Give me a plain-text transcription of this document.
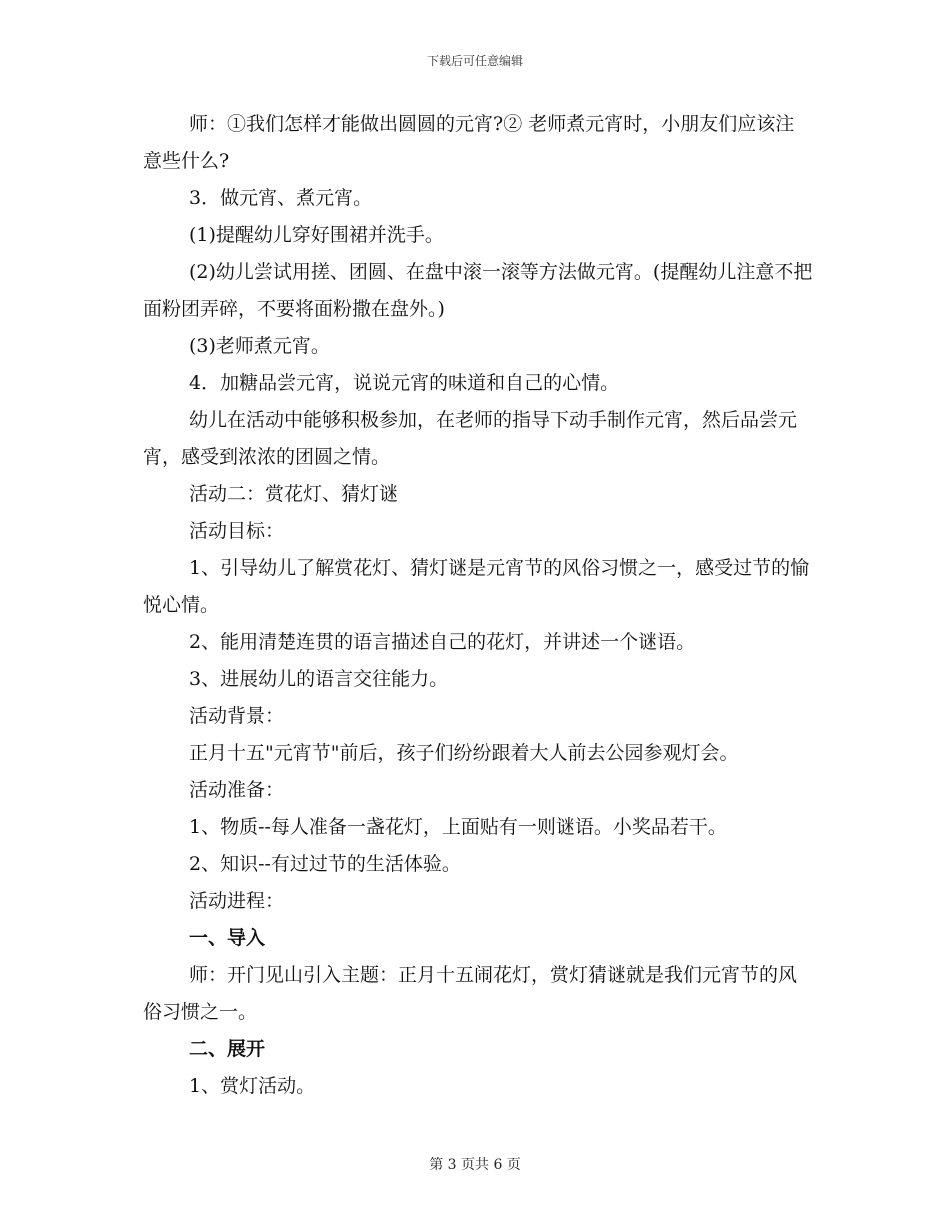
下载后可任意编辑

师：①我们怎样才能做出圆圆的元宵?② 老师煮元宵时，小朋友们应该注意些什么?

3．做元宵、煮元宵。

(1)提醒幼儿穿好围裙并洗手。

(2)幼儿尝试用搓、团圆、在盘中滚一滚等方法做元宵。(提醒幼儿注意不把面粉团弄碎，不要将面粉撒在盘外。)

(3)老师煮元宵。

4．加糖品尝元宵，说说元宵的味道和自己的心情。

幼儿在活动中能够积极参加，在老师的指导下动手制作元宵，然后品尝元宵，感受到浓浓的团圆之情。

活动二：赏花灯、猜灯谜

活动目标：

1、引导幼儿了解赏花灯、猜灯谜是元宵节的风俗习惯之一，感受过节的愉悦心情。

2、能用清楚连贯的语言描述自己的花灯，并讲述一个谜语。

3、进展幼儿的语言交往能力。

活动背景：

正月十五"元宵节"前后，孩子们纷纷跟着大人前去公园参观灯会。

活动准备：

1、物质--每人准备一盏花灯，上面贴有一则谜语。小奖品若干。

2、知识--有过过节的生活体验。

活动进程：

一、导入

师：开门见山引入主题：正月十五闹花灯，赏灯猜谜就是我们元宵节的风俗习惯之一。

二、展开

1、赏灯活动。

第 3 页共 6 页
